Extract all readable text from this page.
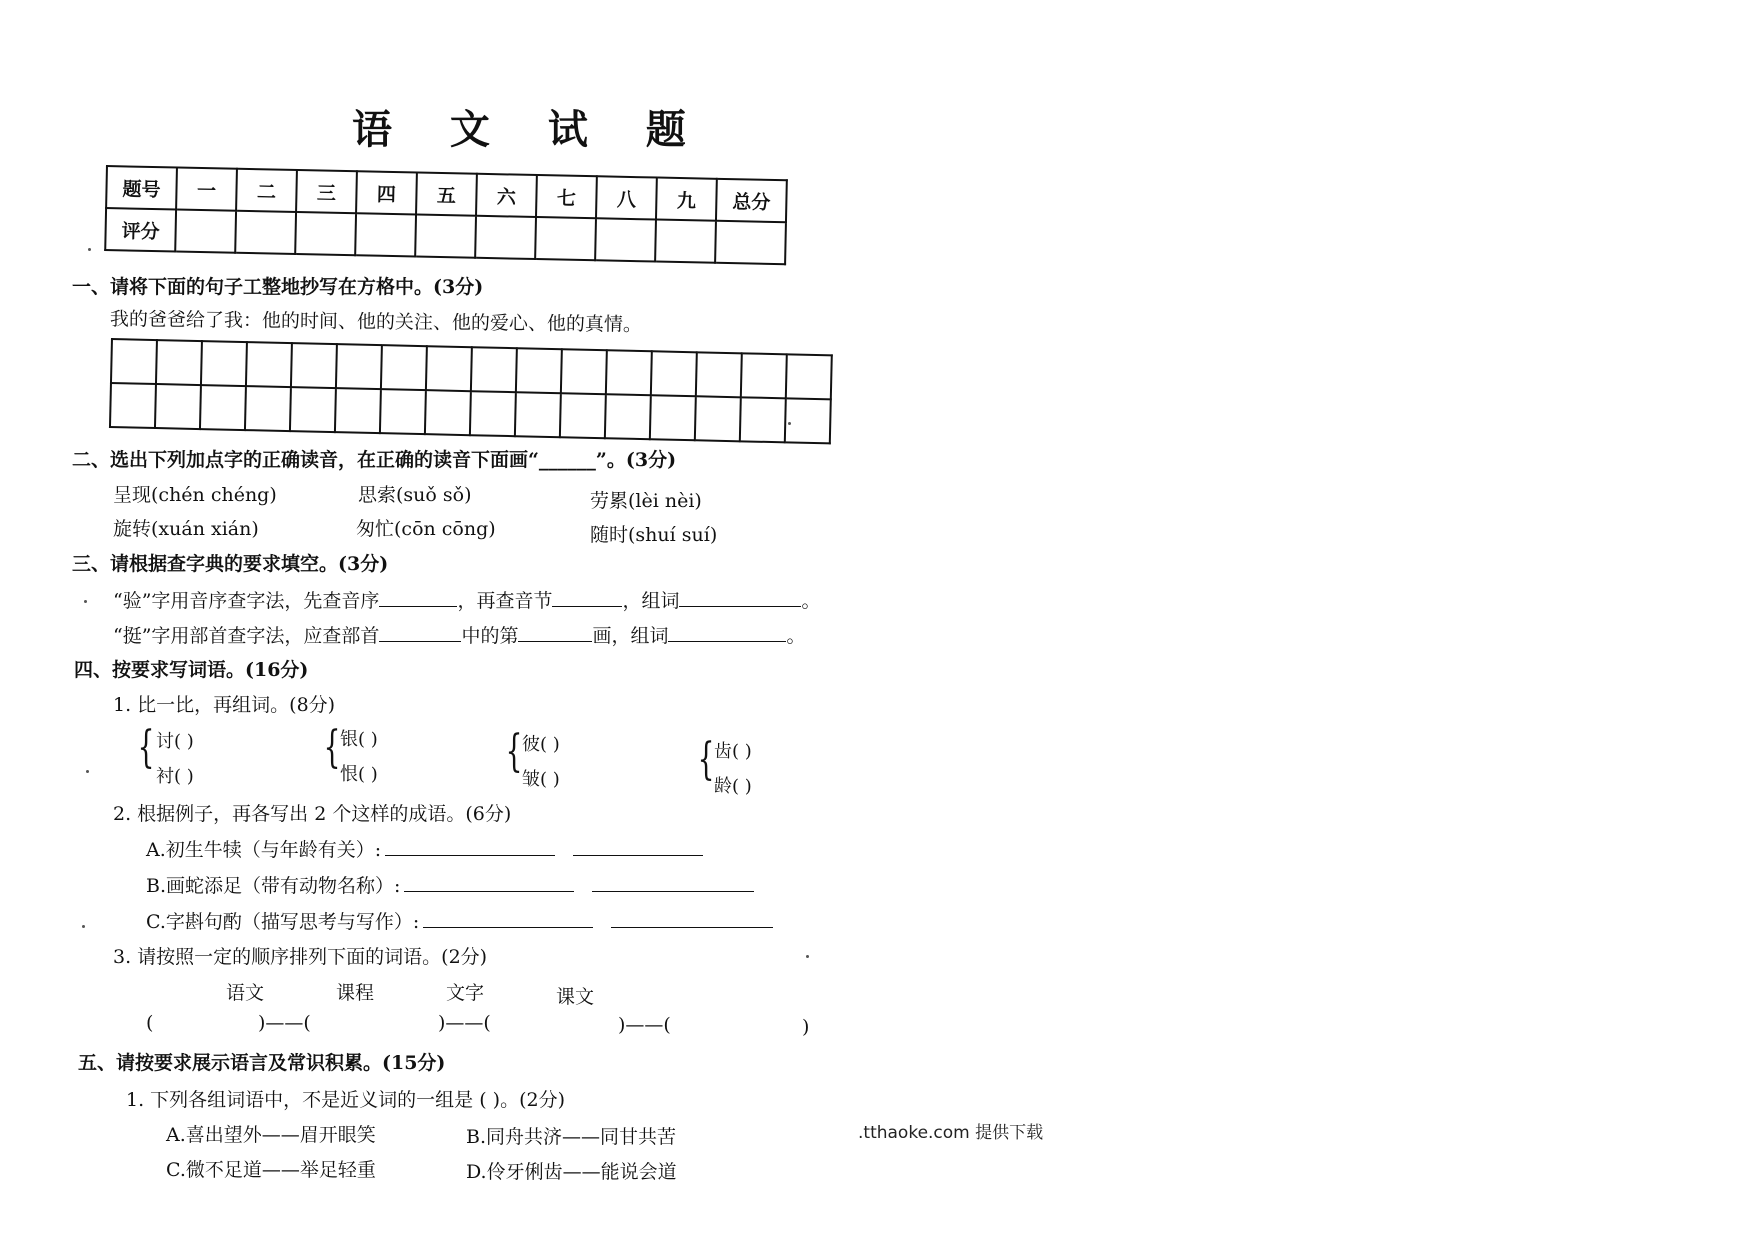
语 文 试 题
题号	一	二	三	四	五	六	七	八	九	总分
评分										
一、请将下面的句子工整地抄写在方格中。(3分)
我的爸爸给了我：他的时间、他的关注、他的爱心、他的真情。

二、选出下列加点字的正确读音，在正确的读音下面画“______”。(3分)
呈现(chén chéng)	思索(suǒ sǒ)	劳累(lèi nèi)
旋转(xuán xián)	匆忙(cōn cōng)	随时(shuí suí)
三、请根据查字典的要求填空。(3分)
“验”字用音序查字法，先查音序	，再查音节	，组词	。
“挺”字用部首查字法，应查部首	中的第	画，组词	。
四、按要求写词语。(16分)
1. 比一比，再组词。(8分)
{ 讨( )
衬( )
{ 银( )
恨( )	{ 彼( )
皱( )	{ 齿( )
龄( )
2. 根据例子，再各写出 2 个这样的成语。(6分)
A.初生牛犊（与年龄有关）:
B.画蛇添足（带有动物名称）:
C.字斟句酌（描写思考与写作）:
3. 请按照一定的顺序排列下面的词语。(2分)
语文	课程	文字	课文
(	)——(	)——(	)——(	)
五、请按要求展示语言及常识积累。(15分)
1. 下列各组词语中，不是近义词的一组是 ( )。(2分)
A.喜出望外——眉开眼笑	B.同舟共济——同甘共苦
C.微不足道——举足轻重	D.伶牙俐齿——能说会道
.tthaoke.com 提供下载
